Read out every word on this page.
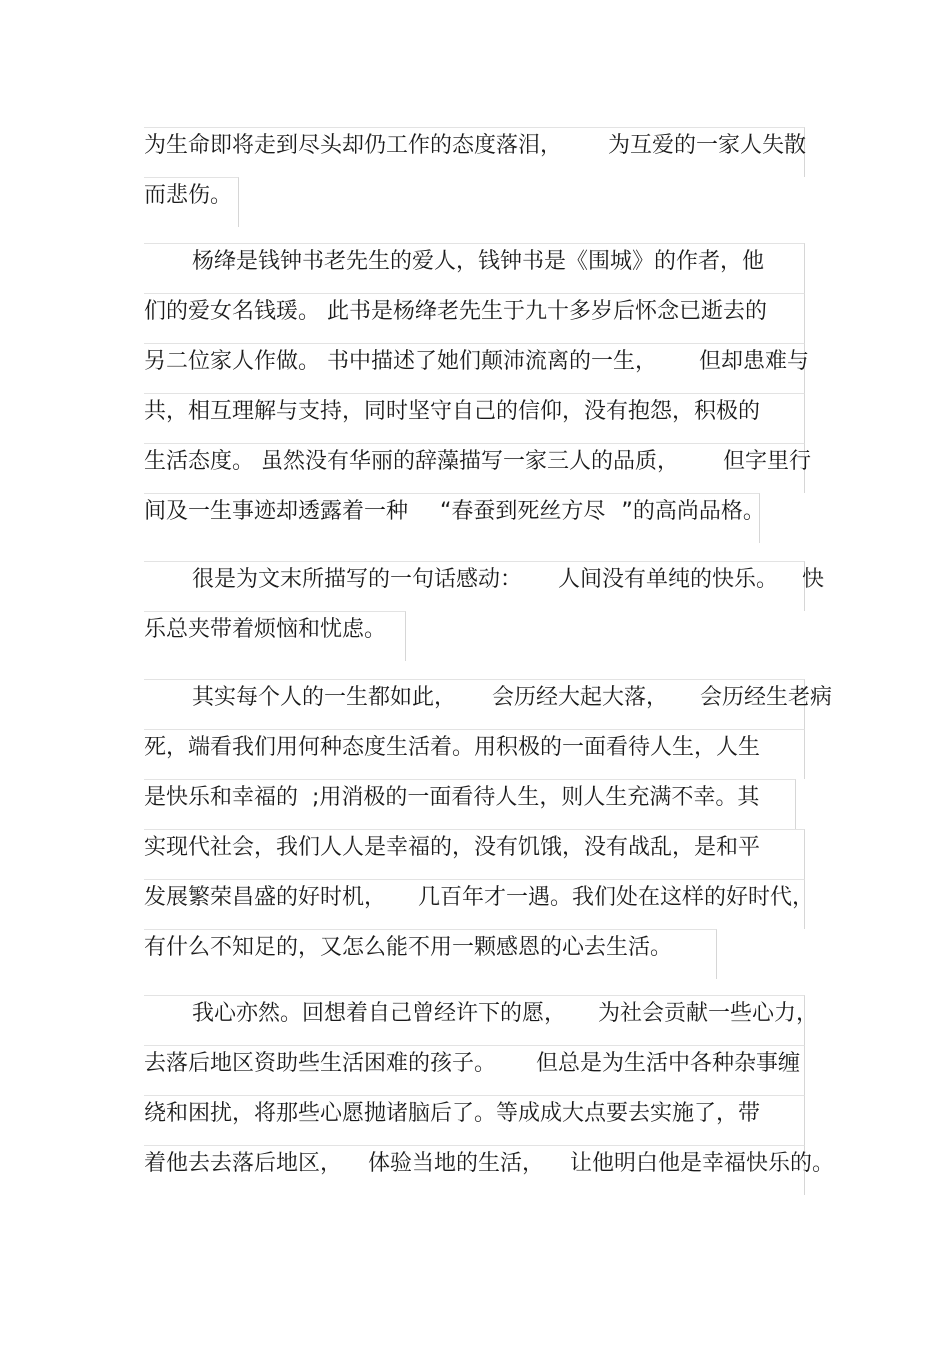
为生命即将走到尽头却仍工作的态度落泪， 为互爱的一家人失散
而悲伤。
杨绛是钱钟书老先生的爱人，钱钟书是《围城》的作者，他
们的爱女名钱瑗。 此书是杨绛老先生于九十多岁后怀念已逝去的
另二位家人作做。 书中描述了她们颠沛流离的一生， 但却患难与
共，相互理解与支持，同时坚守自己的信仰，没有抱怨，积极的
生活态度。 虽然没有华丽的辞藻描写一家三人的品质， 但字里行
间及一生事迹却透露着一种 “春蚕到死丝方尽 ”的高尚品格。
很是为文末所描写的一句话感动： 人间没有单纯的快乐。 快
乐总夹带着烦恼和忧虑。
其实每个人的一生都如此， 会历经大起大落， 会历经生老病
死，端看我们用何种态度生活着。用积极的一面看待人生，人生
是快乐和幸福的 ;用消极的一面看待人生，则人生充满不幸。其
实现代社会，我们人人是幸福的，没有饥饿，没有战乱，是和平
发展繁荣昌盛的好时机， 几百年才一遇。我们处在这样的好时代，
有什么不知足的，又怎么能不用一颗感恩的心去生活。
我心亦然。回想着自己曾经许下的愿， 为社会贡献一些心力，
去落后地区资助些生活困难的孩子。 但总是为生活中各种杂事缠
绕和困扰，将那些心愿抛诸脑后了。等成成大点要去实施了，带
着他去去落后地区， 体验当地的生活， 让他明白他是幸福快乐的。
